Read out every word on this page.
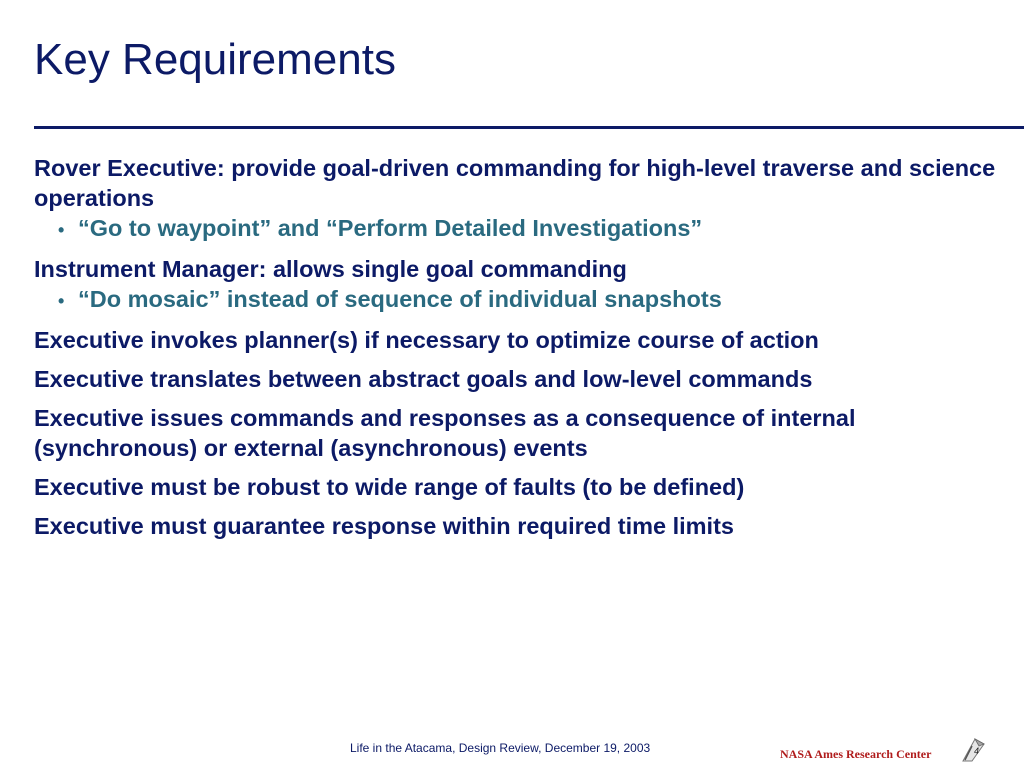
Key Requirements
Rover Executive: provide goal-driven commanding for high-level traverse and science operations
• “Go to waypoint” and “Perform Detailed Investigations”
Instrument Manager: allows single goal commanding
• “Do mosaic” instead of sequence of individual snapshots
Executive invokes planner(s) if necessary to optimize course of action
Executive translates between abstract goals and low-level commands
Executive issues commands and responses as a consequence of internal (synchronous) or external (asynchronous) events
Executive must be robust to wide range of faults (to be defined)
Executive must guarantee response within required time limits
Life in the Atacama, Design Review, December 19, 2003	NASA Ames Research Center	4
